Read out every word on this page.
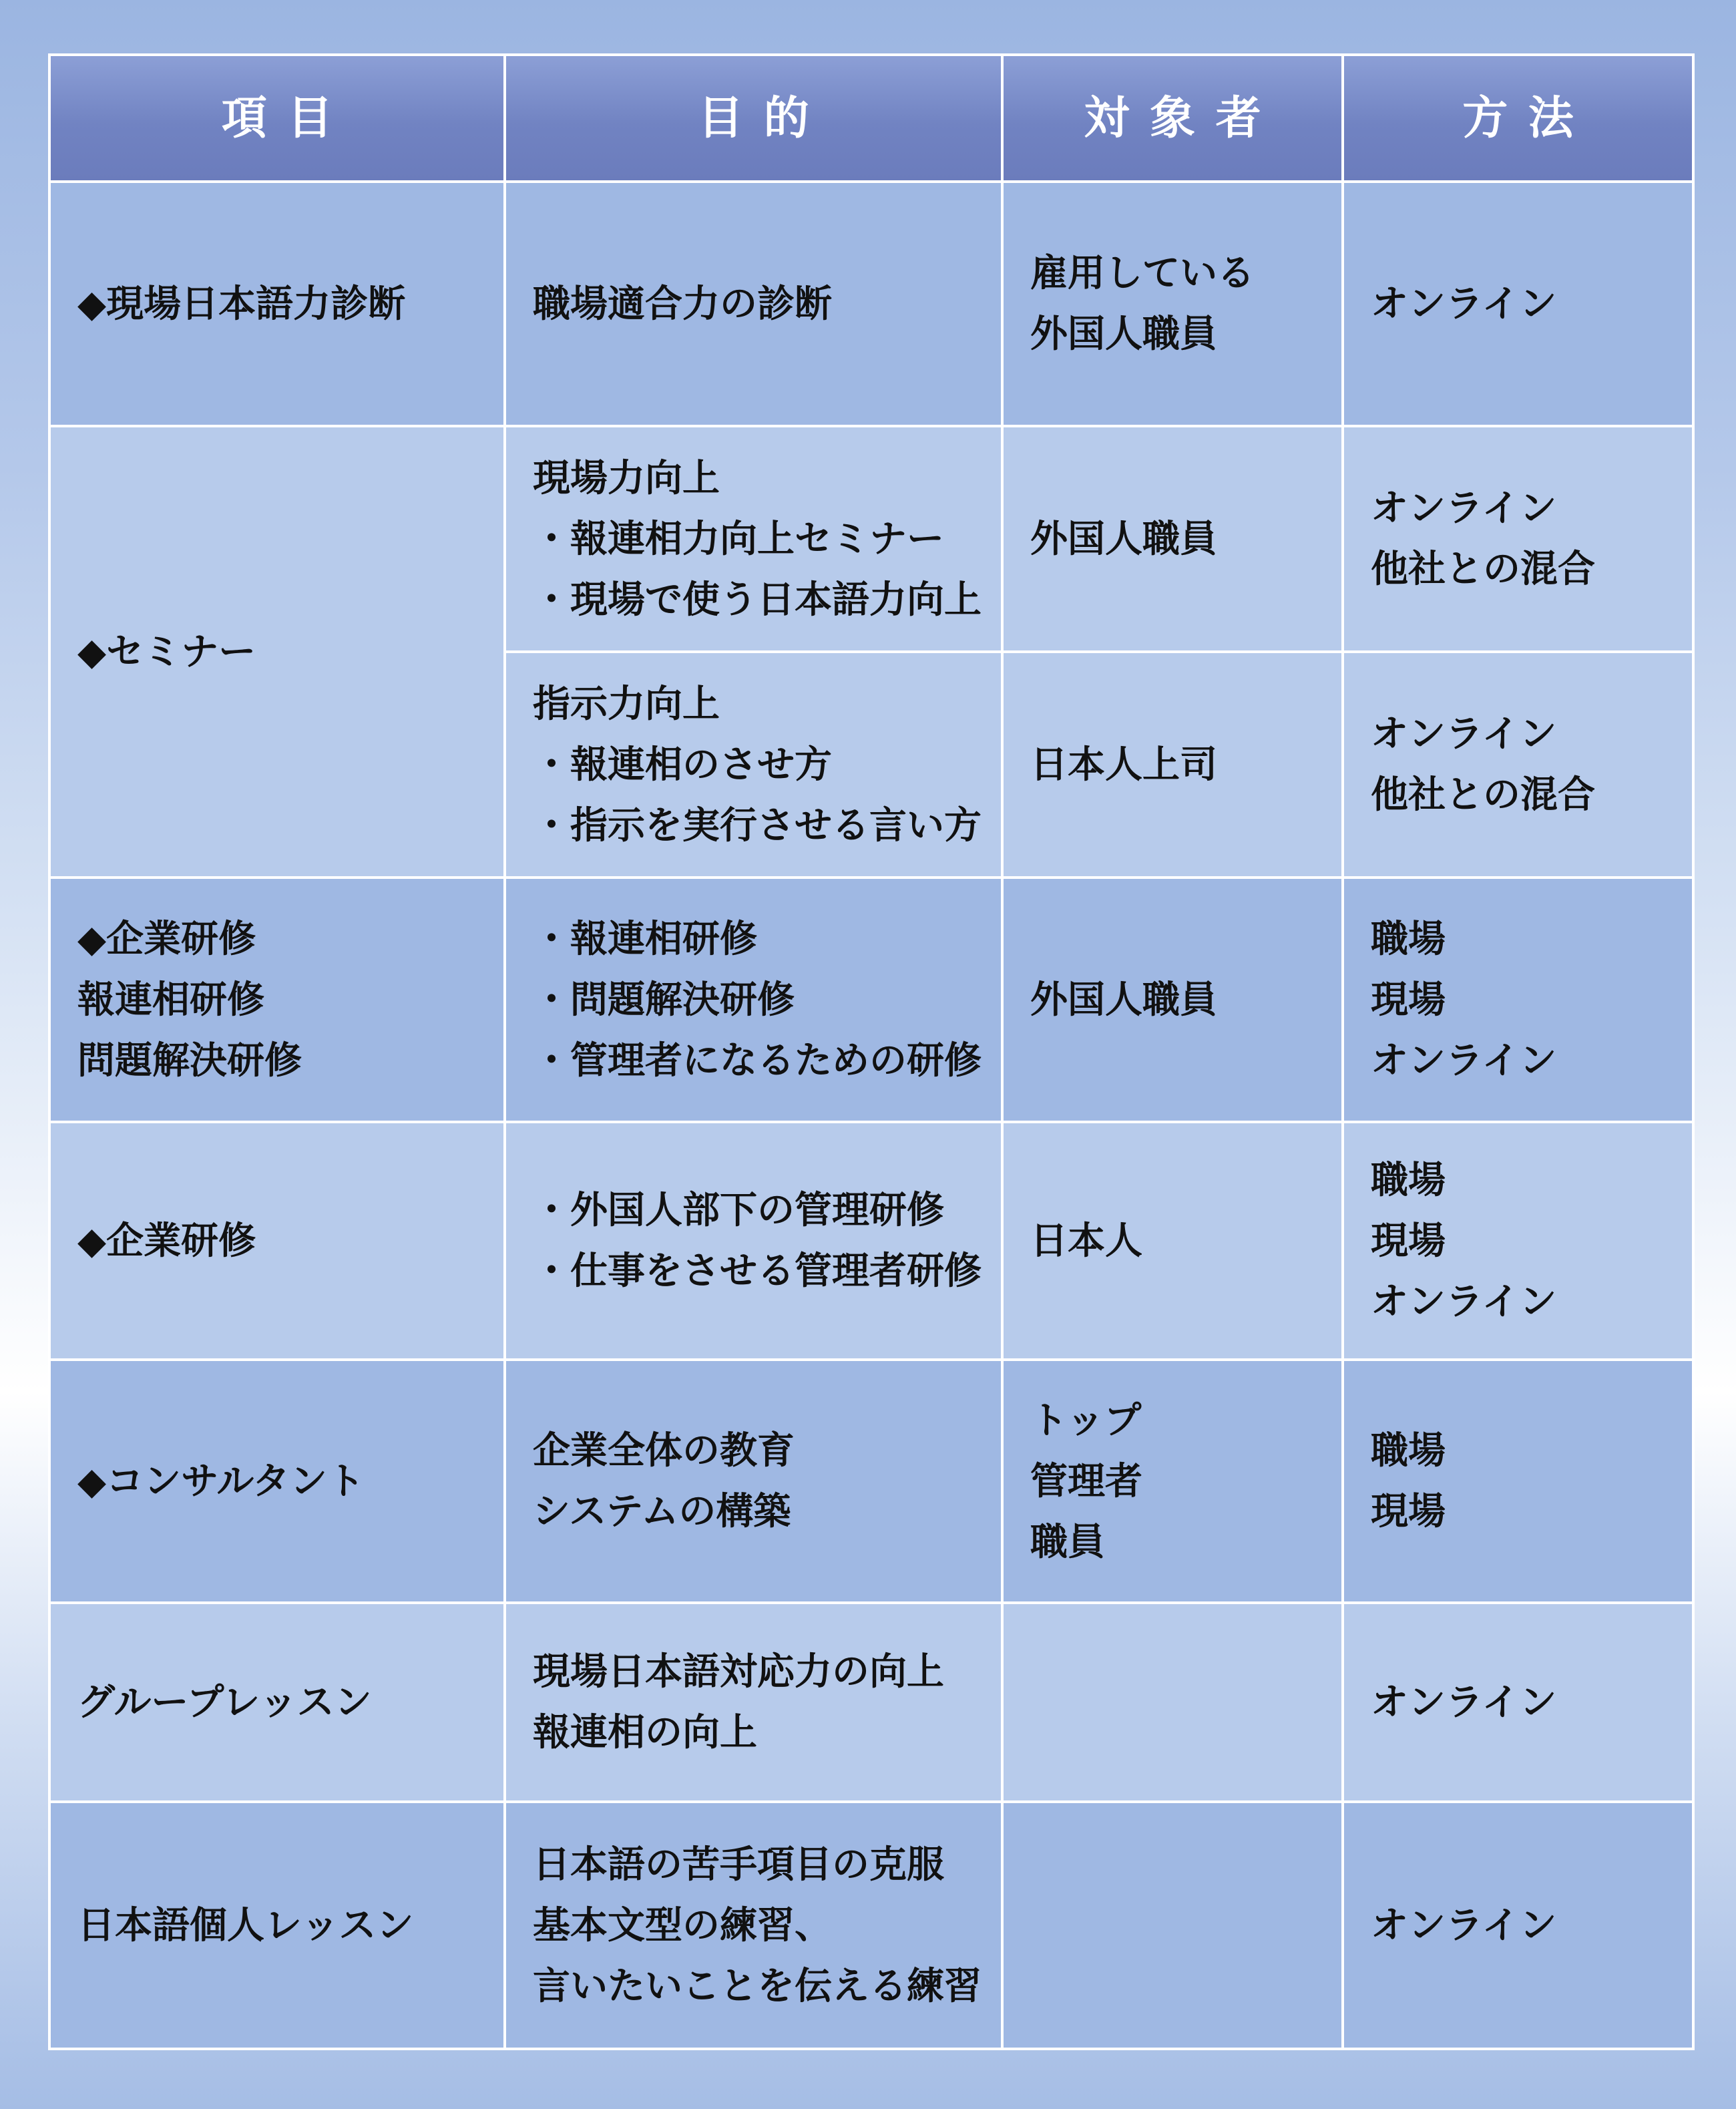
項目	目的	対象者	方法

◆現場日本語力診断	職場適合力の診断	雇用している
外国人職員	オンライン

◆セミナー	現場力向上
・報連相力向上セミナー
・現場で使う日本語力向上	外国人職員	オンライン
他社との混合

	指示力向上
・報連相のさせ方
・指示を実行させる言い方	日本人上司	オンライン
他社との混合

◆企業研修
報連相研修
問題解決研修	・報連相研修
・問題解決研修
・管理者になるための研修	外国人職員	職場
現場
オンライン

◆企業研修	・外国人部下の管理研修
・仕事をさせる管理者研修	日本人	職場
現場
オンライン

◆コンサルタント	企業全体の教育
システムの構築	トップ
管理者
職員	職場
現場

グループレッスン	現場日本語対応力の向上
報連相の向上		オンライン

日本語個人レッスン	日本語の苦手項目の克服
基本文型の練習、
言いたいことを伝える練習		オンライン
